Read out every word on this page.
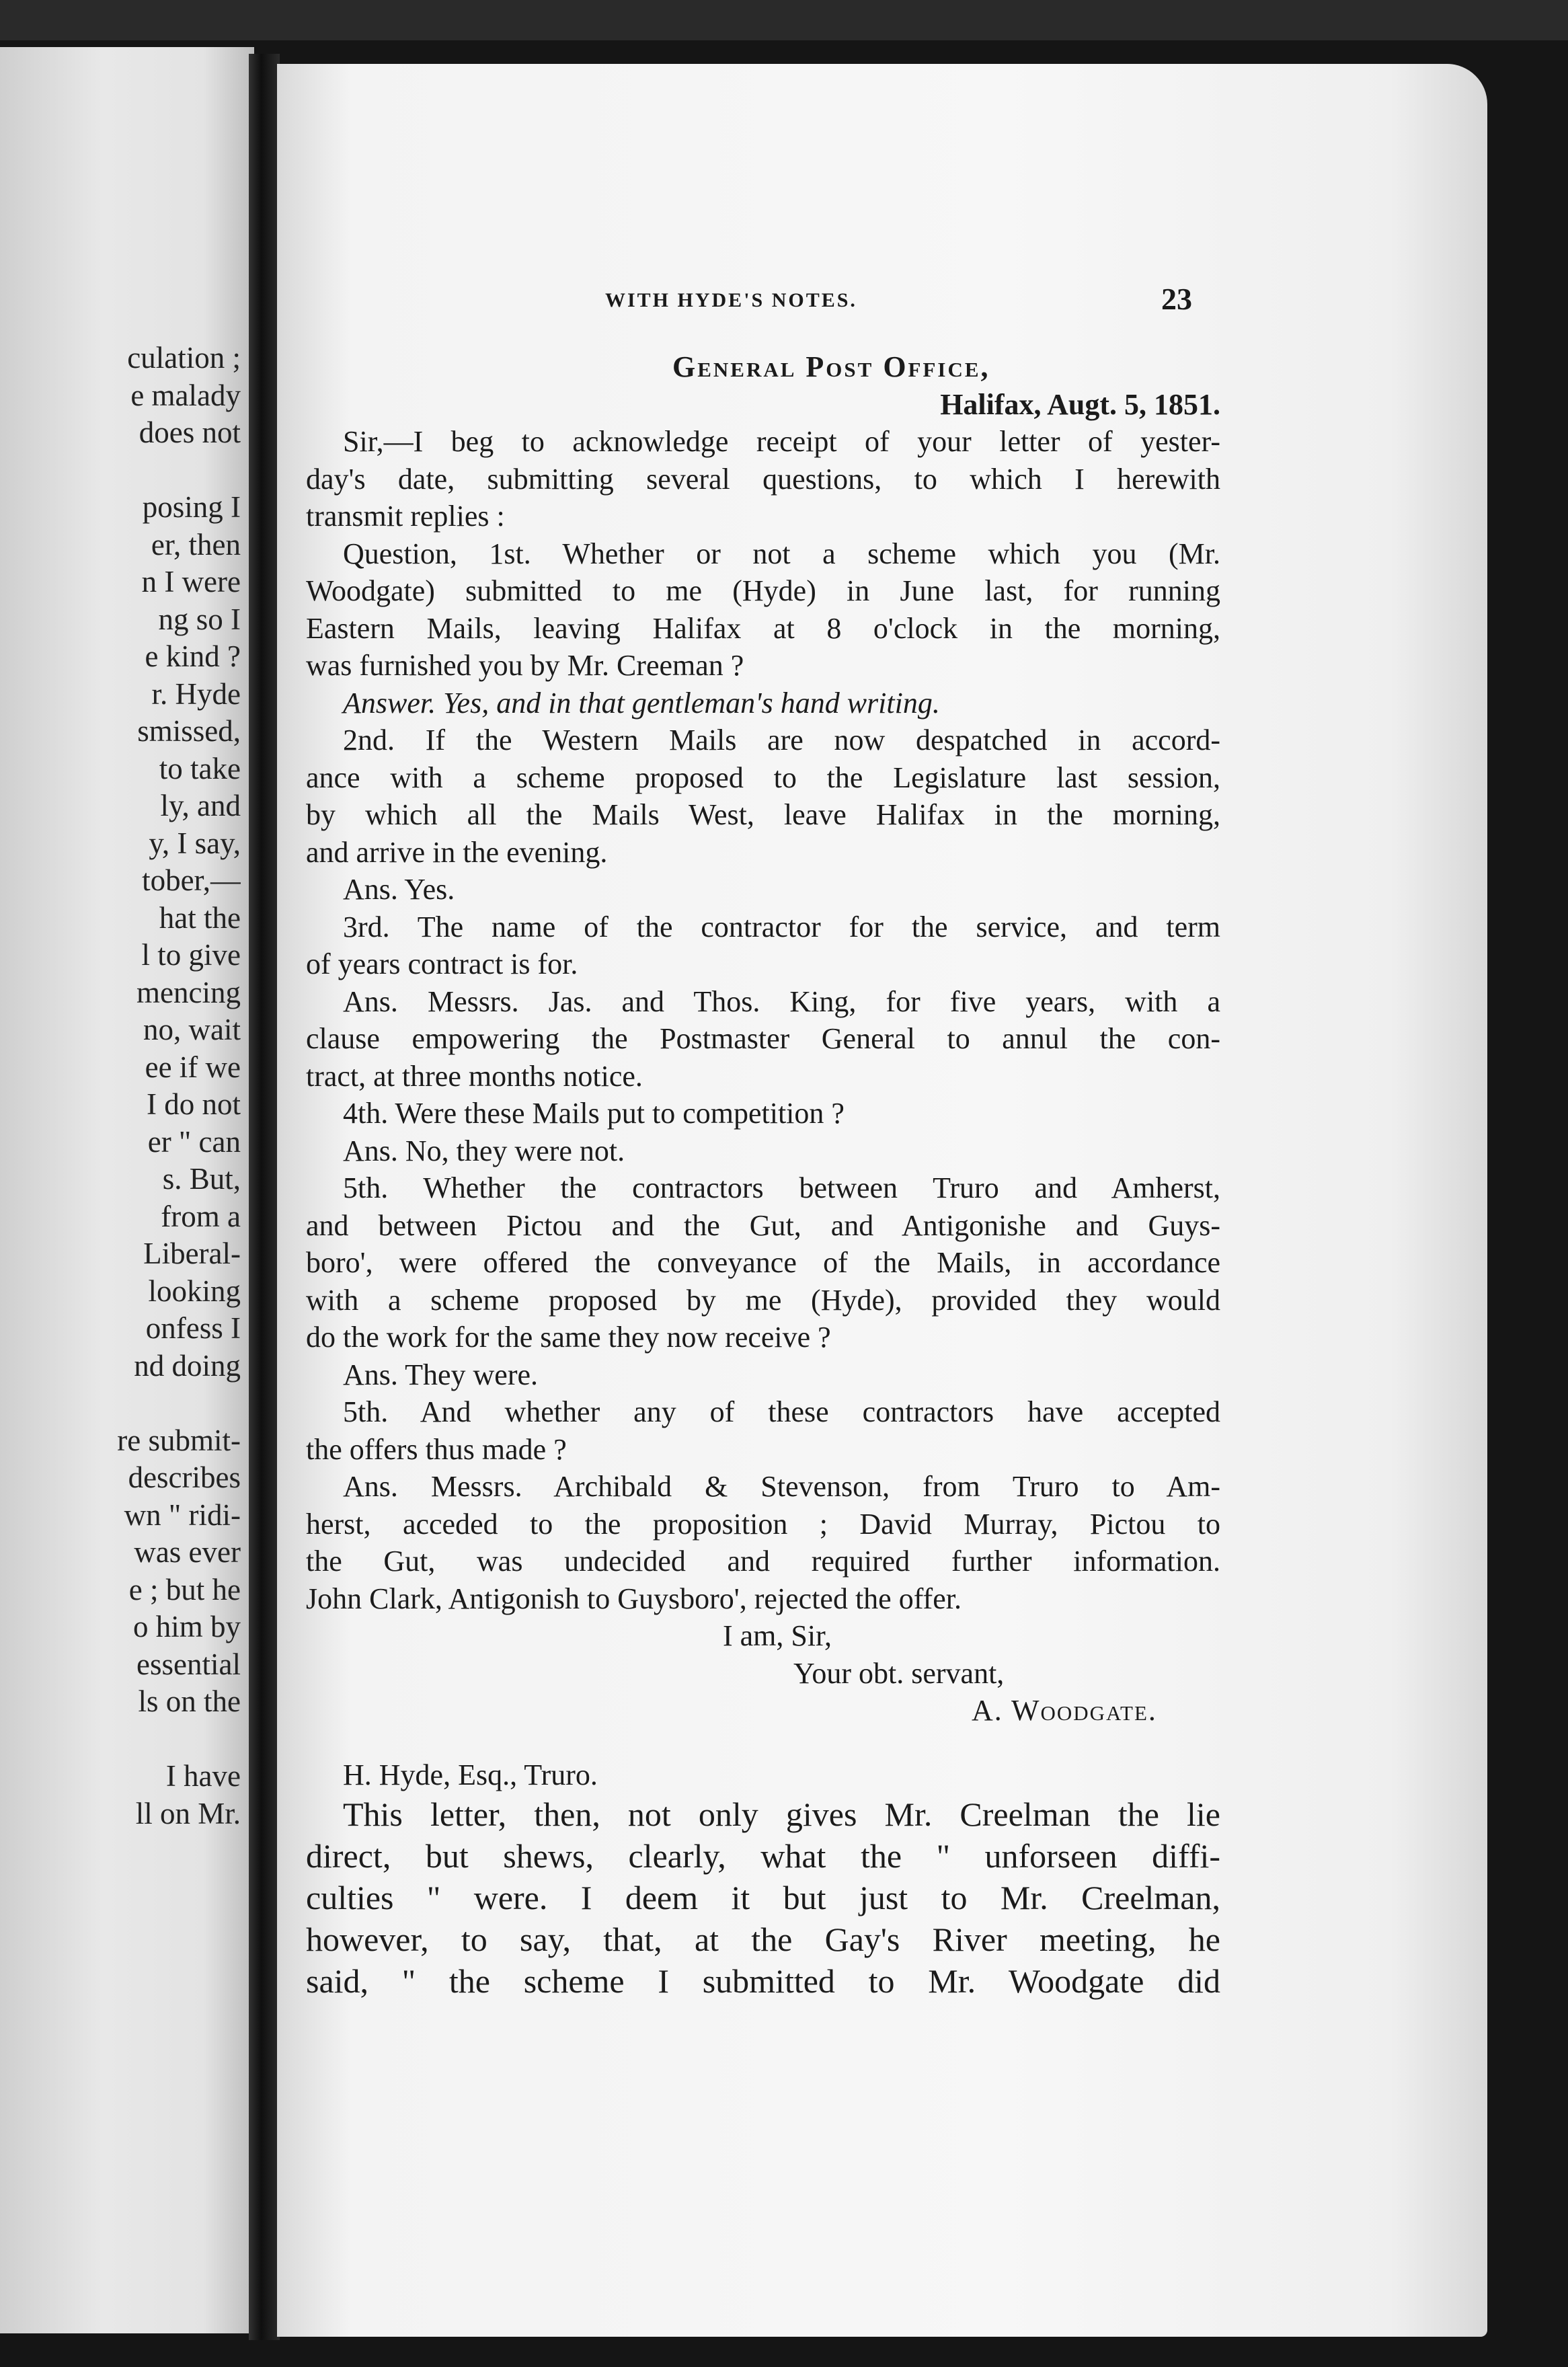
culation ;
e malady
does not
posing I
er, then
n I were
ng so I
e kind ?
r. Hyde
smissed,
to take
ly, and
y, I say,
tober,—
hat the
l to give
mencing
no, wait
ee if we
I do not
er " can
s. But,
from a
Liberal-
looking
onfess I
nd doing
re submit-
describes
wn " ridi-
was ever
e ; but he
o him by
essential
ls on the
I have
ll on Mr.
WITH HYDE'S NOTES.	23
General Post Office,
Halifax, Augt. 5, 1851.
Sir,—I beg to acknowledge receipt of your letter of yester-
day's date, submitting several questions, to which I herewith
transmit replies :
Question, 1st. Whether or not a scheme which you (Mr.
Woodgate) submitted to me (Hyde) in June last, for running
Eastern Mails, leaving Halifax at 8 o'clock in the morning,
was furnished you by Mr. Creeman ?
Answer. Yes, and in that gentleman's hand writing.
2nd. If the Western Mails are now despatched in accord-
ance with a scheme proposed to the Legislature last session,
by which all the Mails West, leave Halifax in the morning,
and arrive in the evening.
Ans. Yes.
3rd. The name of the contractor for the service, and term
of years contract is for.
Ans. Messrs. Jas. and Thos. King, for five years, with a
clause empowering the Postmaster General to annul the con-
tract, at three months notice.
4th. Were these Mails put to competition ?
Ans. No, they were not.
5th. Whether the contractors between Truro and Amherst,
and between Pictou and the Gut, and Antigonishe and Guys-
boro', were offered the conveyance of the Mails, in accordance
with a scheme proposed by me (Hyde), provided they would
do the work for the same they now receive ?
Ans. They were.
5th. And whether any of these contractors have accepted
the offers thus made ?
Ans. Messrs. Archibald & Stevenson, from Truro to Am-
herst, acceded to the proposition ; David Murray, Pictou to
the Gut, was undecided and required further information.
John Clark, Antigonish to Guysboro', rejected the offer.
I am, Sir,
Your obt. servant,
A. Woodgate.
H. Hyde, Esq., Truro.
This letter, then, not only gives Mr. Creelman the lie
direct, but shews, clearly, what the " unforseen diffi-
culties " were. I deem it but just to Mr. Creelman,
however, to say, that, at the Gay's River meeting, he
said, " the scheme I submitted to Mr. Woodgate did
